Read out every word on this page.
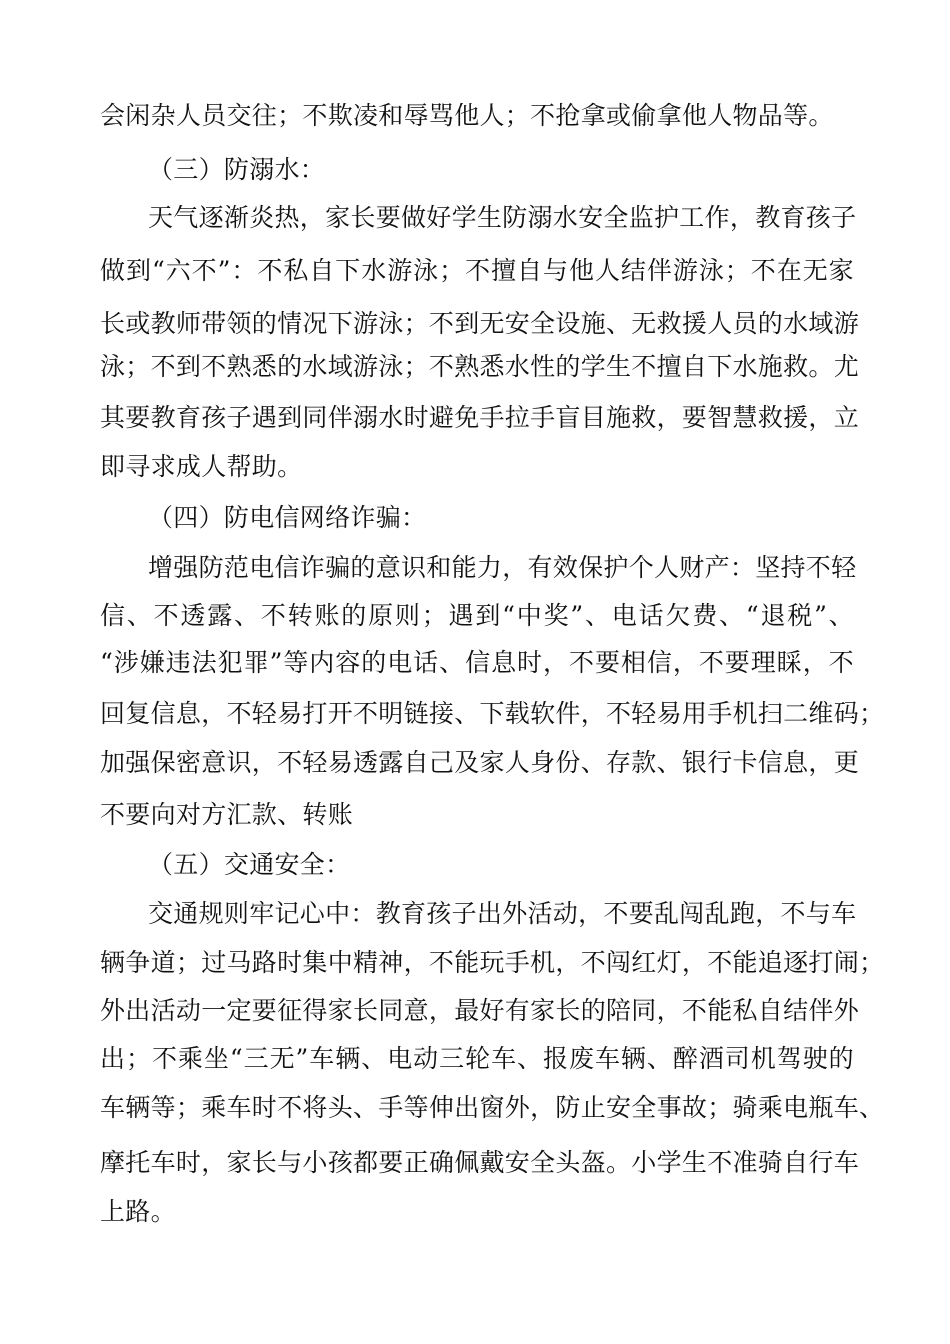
会闲杂人员交往；不欺凌和辱骂他人；不抢拿或偷拿他人物品等。
（三）防溺水：
天气逐渐炎热，家长要做好学生防溺水安全监护工作，教育孩子
做到“六不”：不私自下水游泳；不擅自与他人结伴游泳；不在无家
长或教师带领的情况下游泳；不到无安全设施、无救援人员的水域游
泳；不到不熟悉的水域游泳；不熟悉水性的学生不擅自下水施救。尤
其要教育孩子遇到同伴溺水时避免手拉手盲目施救，要智慧救援，立
即寻求成人帮助。
（四）防电信网络诈骗：
增强防范电信诈骗的意识和能力，有效保护个人财产：坚持不轻
信、不透露、不转账的原则；遇到“中奖”、电话欠费、“退税”、
“涉嫌违法犯罪”等内容的电话、信息时，不要相信，不要理睬，不
回复信息，不轻易打开不明链接、下载软件，不轻易用手机扫二维码；
加强保密意识，不轻易透露自己及家人身份、存款、银行卡信息，更
不要向对方汇款、转账
（五）交通安全：
交通规则牢记心中：教育孩子出外活动，不要乱闯乱跑，不与车
辆争道；过马路时集中精神，不能玩手机，不闯红灯，不能追逐打闹；
外出活动一定要征得家长同意，最好有家长的陪同，不能私自结伴外
出；不乘坐“三无”车辆、电动三轮车、报废车辆、醉酒司机驾驶的
车辆等；乘车时不将头、手等伸出窗外，防止安全事故；骑乘电瓶车、
摩托车时，家长与小孩都要正确佩戴安全头盔。小学生不准骑自行车
上路。
